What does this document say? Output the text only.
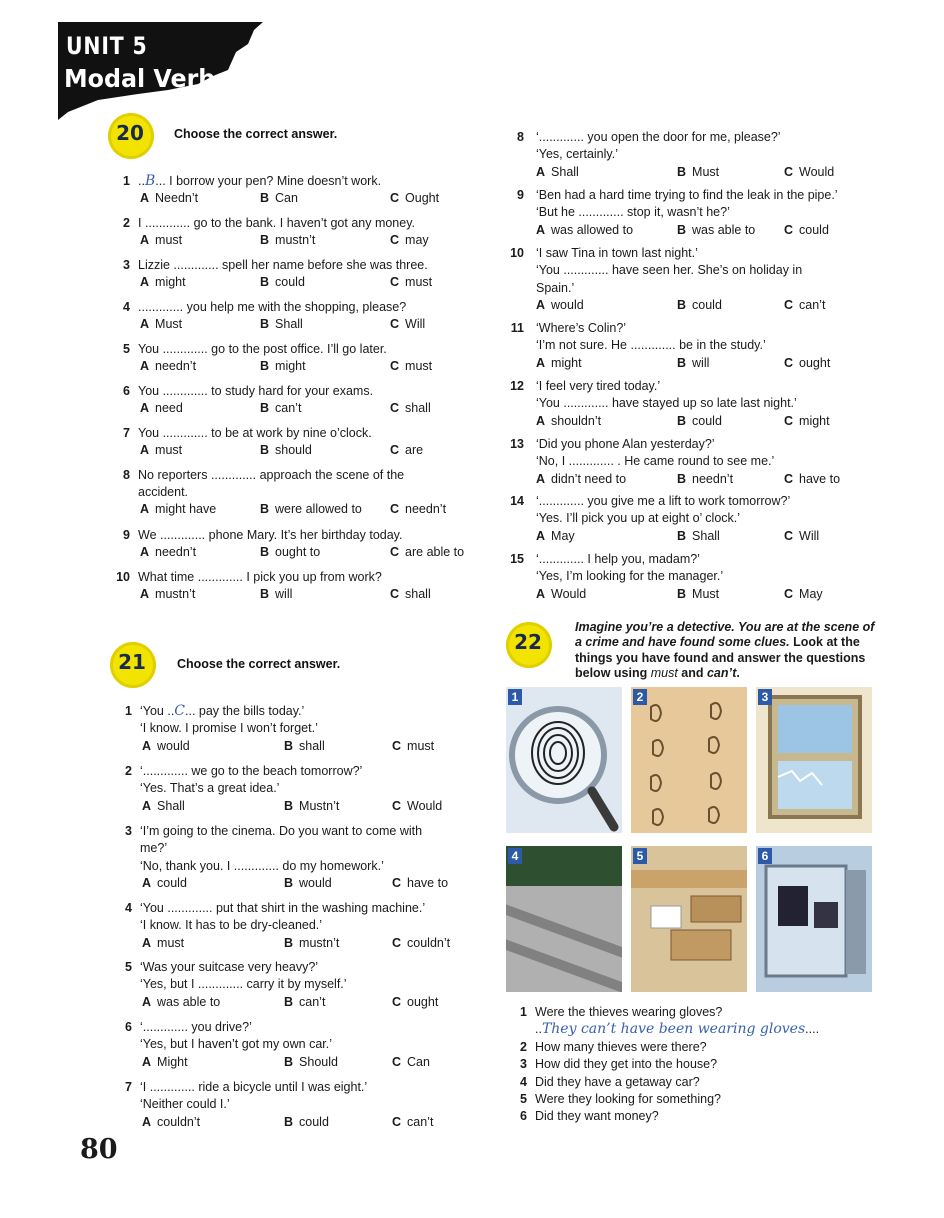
UNIT 5
Modal Verbs
20	Choose the correct answer.
1 ..B... I borrow your pen? Mine doesn’t work.
A Needn’t	B Can	C Ought
2 I ............. go to the bank. I haven’t got any money.
A must	B mustn’t	C may
3 Lizzie ............. spell her name before she was three.
A might	B could	C must
4 ............. you help me with the shopping, please?
A Must	B Shall	C Will
5 You ............. go to the post office. I’ll go later.
A needn’t	B might	C must
6 You ............. to study hard for your exams.
A need	B can’t	C shall
7 You ............. to be at work by nine o’clock.
A must	B should	C are
8 No reporters ............. approach the scene of the
accident.
A might have	B were allowed to C needn’t
9 We ............. phone Mary. It’s her birthday today.
A needn’t	B ought to	C are able to
10 What time ............. I pick you up from work?
A mustn’t	B will	C shall
21	Choose the correct answer.
1 ‘You ..C... pay the bills today.’
‘I know. I promise I won’t forget.’
A would	B shall	C must
2 ‘............. we go to the beach tomorrow?’
‘Yes. That’s a great idea.’
A Shall	B Mustn’t	C Would
3 ‘I’m going to the cinema. Do you want to come with
me?’
‘No, thank you. I ............. do my homework.’
A could	B would	C have to
4 ‘You ............. put that shirt in the washing machine.’
‘I know. It has to be dry-cleaned.’
A must	B mustn’t	C couldn’t
5 ‘Was your suitcase very heavy?’
‘Yes, but I ............. carry it by myself.’
A was able to	B can’t	C ought
6 ‘............. you drive?’
‘Yes, but I haven’t got my own car.’
A Might	B Should	C Can
7 ‘I ............. ride a bicycle until I was eight.’
‘Neither could I.’
A couldn’t	B could	C can’t
8 ‘............. you open the door for me, please?’
‘Yes, certainly.’
A Shall	B Must	C Would
9 ‘Ben had a hard time trying to find the leak in the pipe.’
‘But he ............. stop it, wasn’t he?’
A was allowed to	B was able to C could
10 ‘I saw Tina in town last night.’
‘You ............. have seen her. She’s on holiday in
Spain.’
A would	B could	C can’t
11 ‘Where’s Colin?’
‘I’m not sure. He ............. be in the study.’
A might	B will	C ought
12 ‘I feel very tired today.’
‘You ............. have stayed up so late last night.’
A shouldn’t	B could	C might
13 ‘Did you phone Alan yesterday?’
‘No, I ............. . He came round to see me.’
A didn’t need to	B needn’t	C have to
14 ‘............. you give me a lift to work tomorrow?’
‘Yes. I’ll pick you up at eight o’ clock.’
A May	B Shall	C Will
15 ‘............. I help you, madam?’
‘Yes, I’m looking for the manager.’
A Would	B Must	C May
22
Imagine you’re a detective. You are at the scene of a crime and have found some clues. Look at the things you have found and answer the questions below using must and can’t.
1	2	3
4	5	6
1 Were the thieves wearing gloves?
..They can’t have been wearing gloves....
2 How many thieves were there?
3 How did they get into the house?
4 Did they have a getaway car?
5 Were they looking for something?
6 Did they want money?
80
